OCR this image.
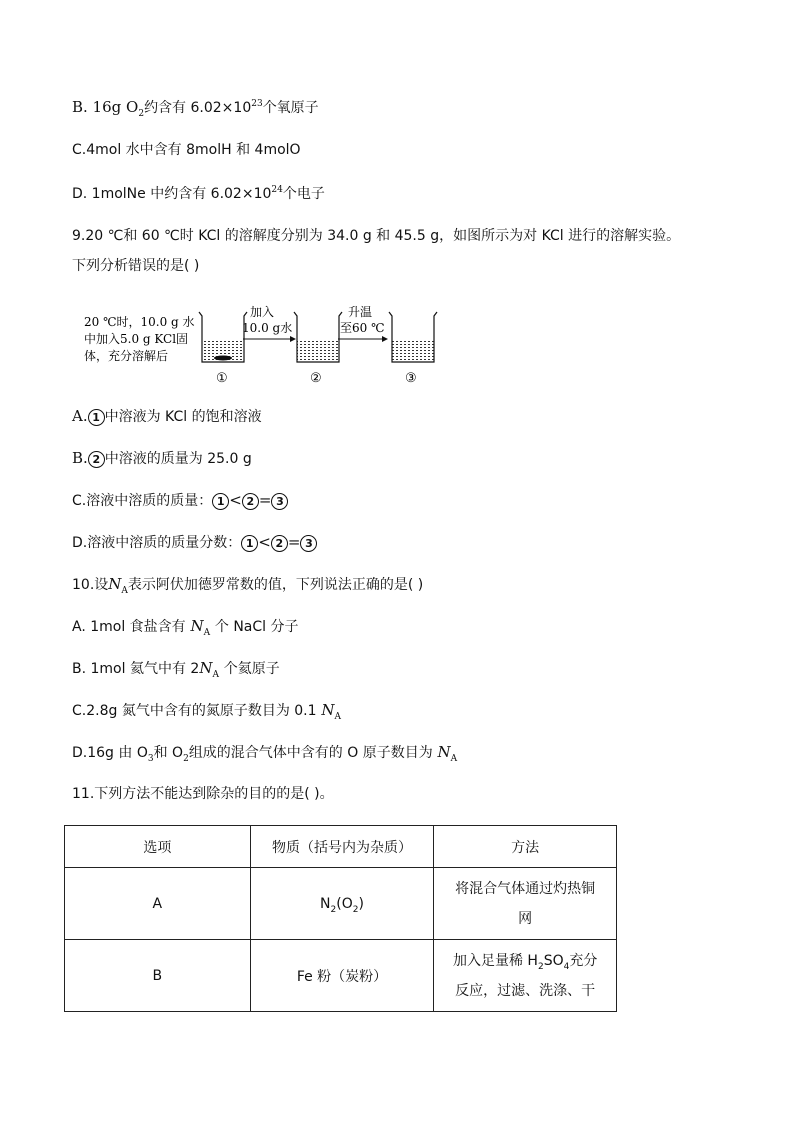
B. 16g $O_2$约含有 $6.02\times 10^{23}$个氧原子
C.4mol 水中含有 8molH 和 4molO
D. 1molNe 中约含有 $6.02\times 10^{24}$个电子
9.20 ℃和 60 ℃时 KCl 的溶解度分别为 34.0 g 和 45.5 g，如图所示为对 KCl 进行的溶解实验。
下列分析错误的是( )
20 ℃时，10.0 g 水
中加入5.0 g KCl固
体，充分溶解后
加入
10.0 g水
升温
至60 ℃
①	②	③
A. 1 中溶液为 KCl 的饱和溶液
B. 2 中溶液的质量为 25.0 g
C.溶液中溶质的质量： 1 < 2 = 3
D.溶液中溶质的质量分数： 1 < 2 = 3
10.设$N_A$表示阿伏加德罗常数的值，下列说法正确的是( )
A. 1mol 食盐含有 $N_A$ 个 NaCl 分子
B. 1mol 氦气中有 $2N_A$ 个氦原子
C.2.8g 氮气中含有的氮原子数目为 0.1 $N_A$
D.16g 由 $O_3$和 $O_2$组成的混合气体中含有的 O 原子数目为 $N_A$
11.下列方法不能达到除杂的目的的是( )。
选项	物质（括号内为杂质）	方法
A	$N_2(O_2)$	将混合气体通过灼热铜
网
B	Fe 粉（炭粉）	加入足量稀 $H_2SO_4$充分
反应，过滤、洗涤、干
